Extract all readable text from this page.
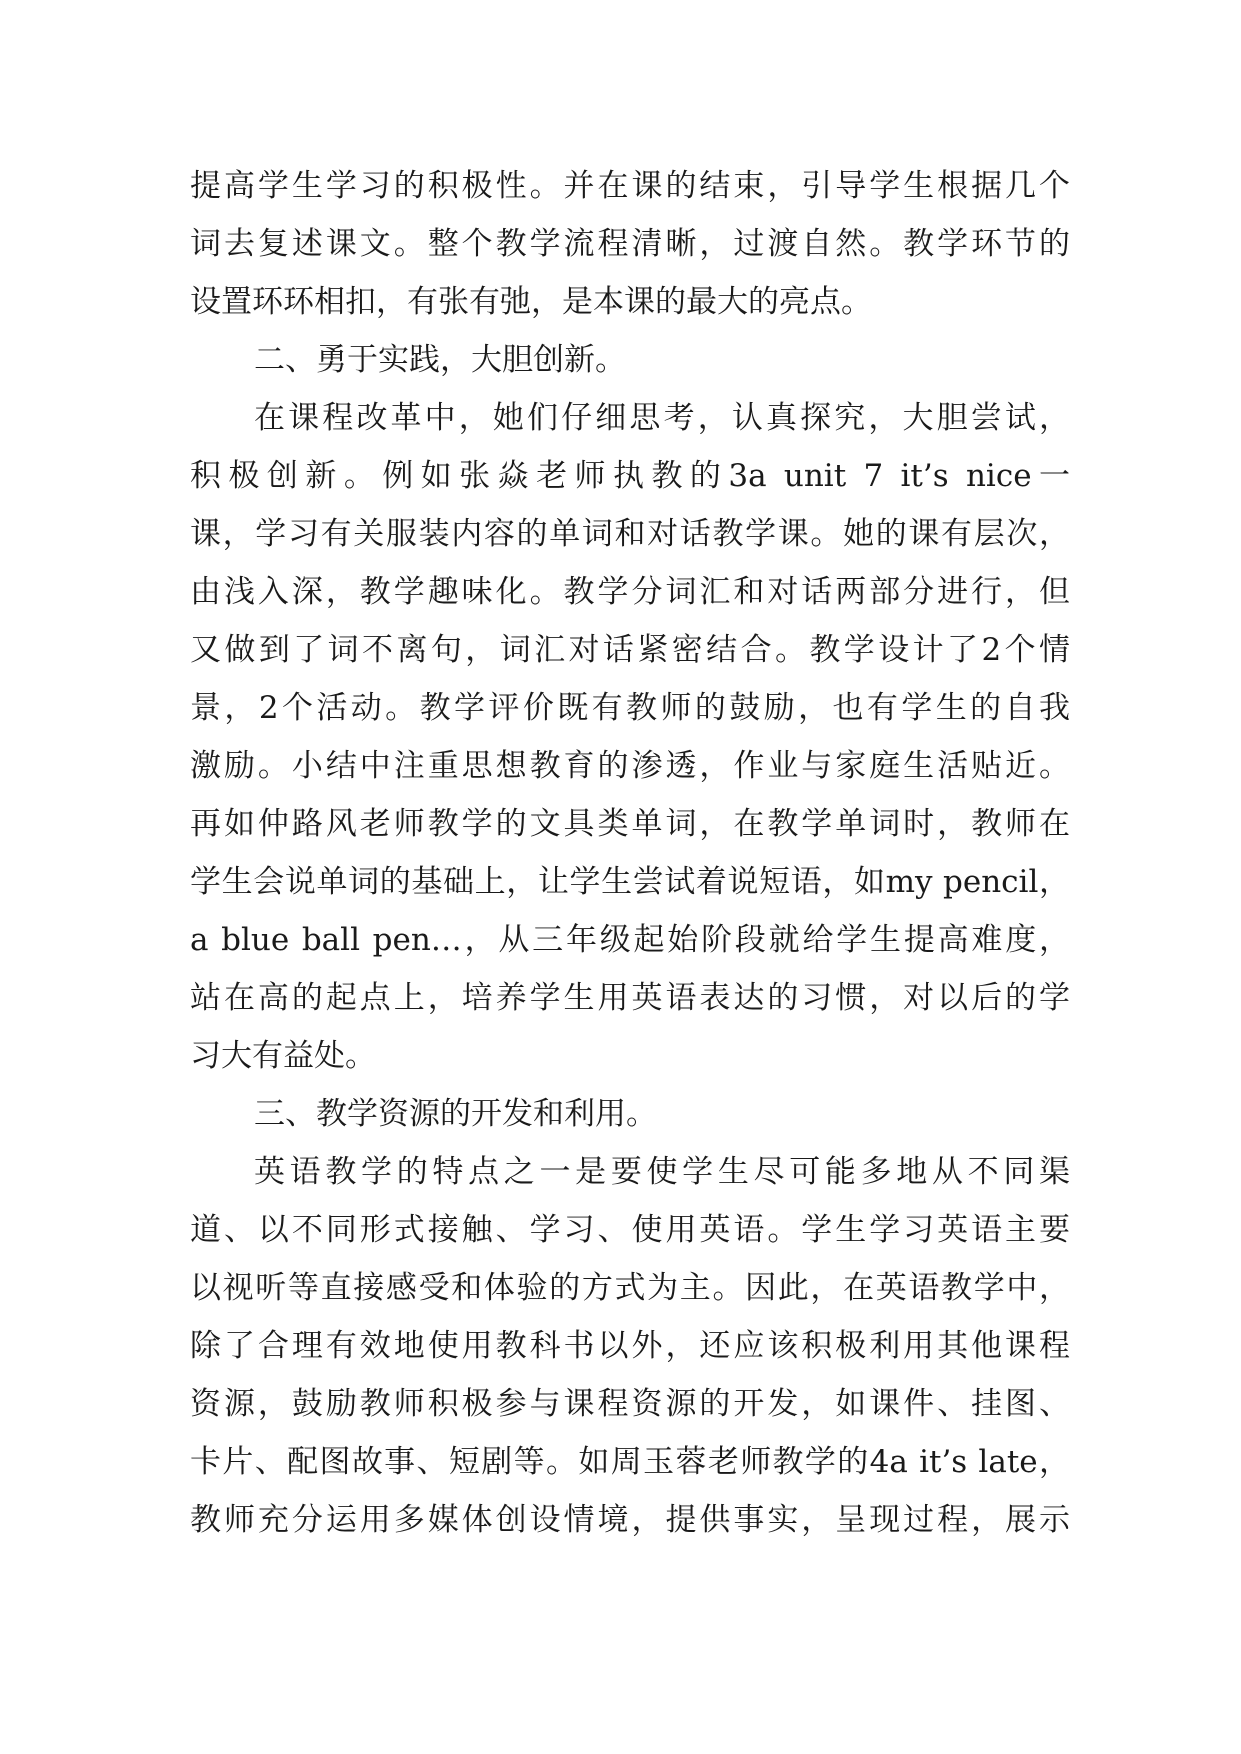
提高学生学习的积极性。并在课的结束，引导学生根据几个
词去复述课文。整个教学流程清晰，过渡自然。教学环节的
设置环环相扣，有张有弛，是本课的最大的亮点。
二、勇于实践，大胆创新。
在课程改革中，她们仔细思考，认真探究，大胆尝试，
积极创新。例如张焱老师执教的3a unit 7 it’s nice一
课，学习有关服装内容的单词和对话教学课。她的课有层次，
由浅入深，教学趣味化。教学分词汇和对话两部分进行，但
又做到了词不离句，词汇对话紧密结合。教学设计了2个情
景，2个活动。教学评价既有教师的鼓励，也有学生的自我
激励。小结中注重思想教育的渗透，作业与家庭生活贴近。
再如仲路风老师教学的文具类单词，在教学单词时，教师在
学生会说单词的基础上，让学生尝试着说短语，如my pencil，
a blue ball pen…，从三年级起始阶段就给学生提高难度，
站在高的起点上，培养学生用英语表达的习惯，对以后的学
习大有益处。
三、教学资源的开发和利用。
英语教学的特点之一是要使学生尽可能多地从不同渠
道、以不同形式接触、学习、使用英语。学生学习英语主要
以视听等直接感受和体验的方式为主。因此，在英语教学中，
除了合理有效地使用教科书以外，还应该积极利用其他课程
资源，鼓励教师积极参与课程资源的开发，如课件、挂图、
卡片、配图故事、短剧等。如周玉蓉老师教学的4a it’s late，
教师充分运用多媒体创设情境，提供事实，呈现过程，展示
